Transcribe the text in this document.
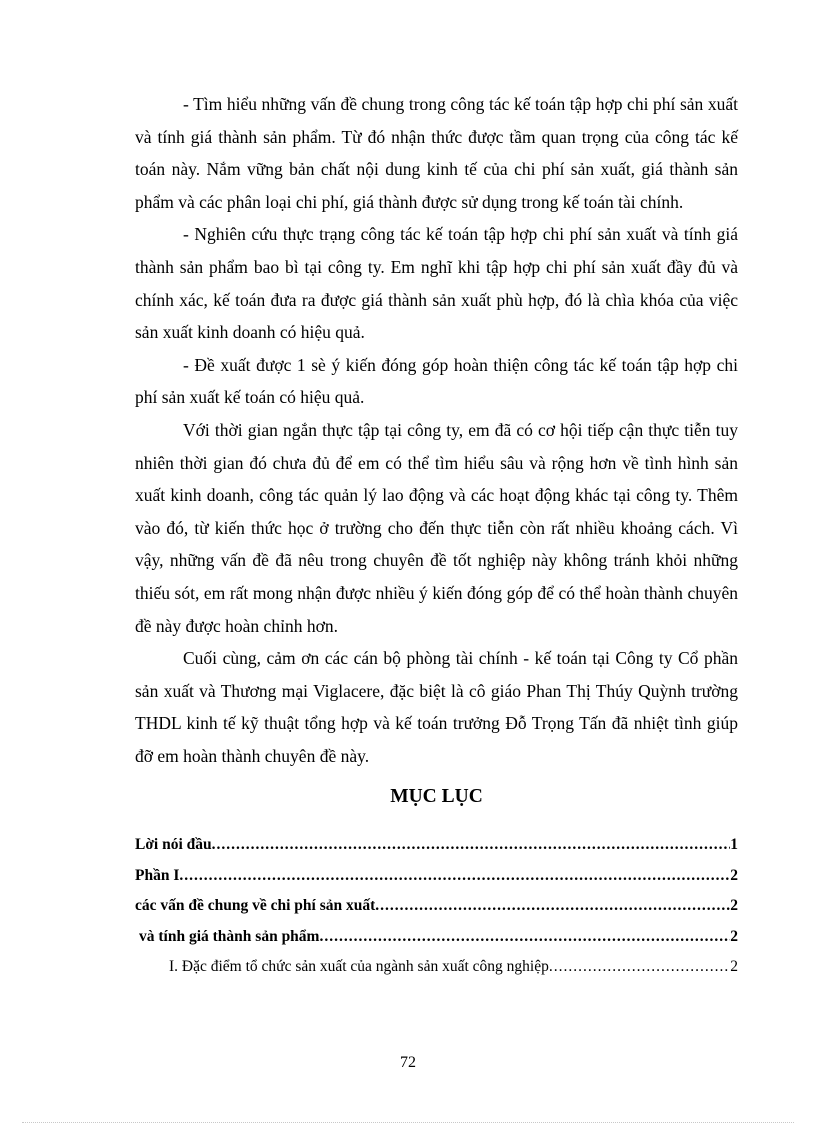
- Tìm hiểu những vấn đề chung trong công tác kế toán tập hợp chi phí sản xuất và tính giá thành sản phẩm. Từ đó nhận thức được tầm quan trọng của công tác kế toán này. Nắm vững bản chất nội dung kinh tế của chi phí sản xuất, giá thành sản phẩm và các phân loại chi phí, giá thành được sử dụng trong kế toán tài chính.

- Nghiên cứu thực trạng công tác kế toán tập hợp chi phí sản xuất và tính giá thành sản phẩm bao bì tại công ty. Em nghĩ khi tập hợp chi phí sản xuất đầy đủ và chính xác, kế toán đưa ra được giá thành sản xuất phù hợp, đó là chìa khóa của việc sản xuất kinh doanh có hiệu quả.

- Đề xuất được 1 sè ý kiến đóng góp hoàn thiện công tác kế toán tập hợp chi phí sản xuất kế toán có hiệu quả.

Với thời gian ngắn thực tập tại công ty, em đã có cơ hội tiếp cận thực tiễn tuy nhiên thời gian đó chưa đủ để em có thể tìm hiểu sâu và rộng hơn về tình hình sản xuất kinh doanh, công tác quản lý lao động và các hoạt động khác tại công ty. Thêm vào đó, từ kiến thức học ở trường cho đến thực tiễn còn rất nhiều khoảng cách. Vì vậy, những vấn đề đã nêu trong chuyên đề tốt nghiệp này không tránh khỏi những thiếu sót, em rất mong nhận được nhiều ý kiến đóng góp để có thể hoàn thành chuyên đề này được hoàn chỉnh hơn.

Cuối cùng, cảm ơn các cán bộ phòng tài chính - kế toán tại Công ty Cổ phần sản xuất và Thương mại Viglacere, đặc biệt là cô giáo Phan Thị Thúy Quỳnh trường THDL kinh tế kỹ thuật tổng hợp và kế toán trưởng Đỗ Trọng Tấn đã nhiệt tình giúp đỡ em hoàn thành chuyên đề này.

MỤC LỤC
Lời nói đầu .....	1
Phần I .....	2
các vấn đề chung về chi phí sản xuất .....	2
và tính giá thành sản phẩm .....	2
I. Đặc điểm tổ chức sản xuất của ngành sản xuất công nghiệp .....	2
72
